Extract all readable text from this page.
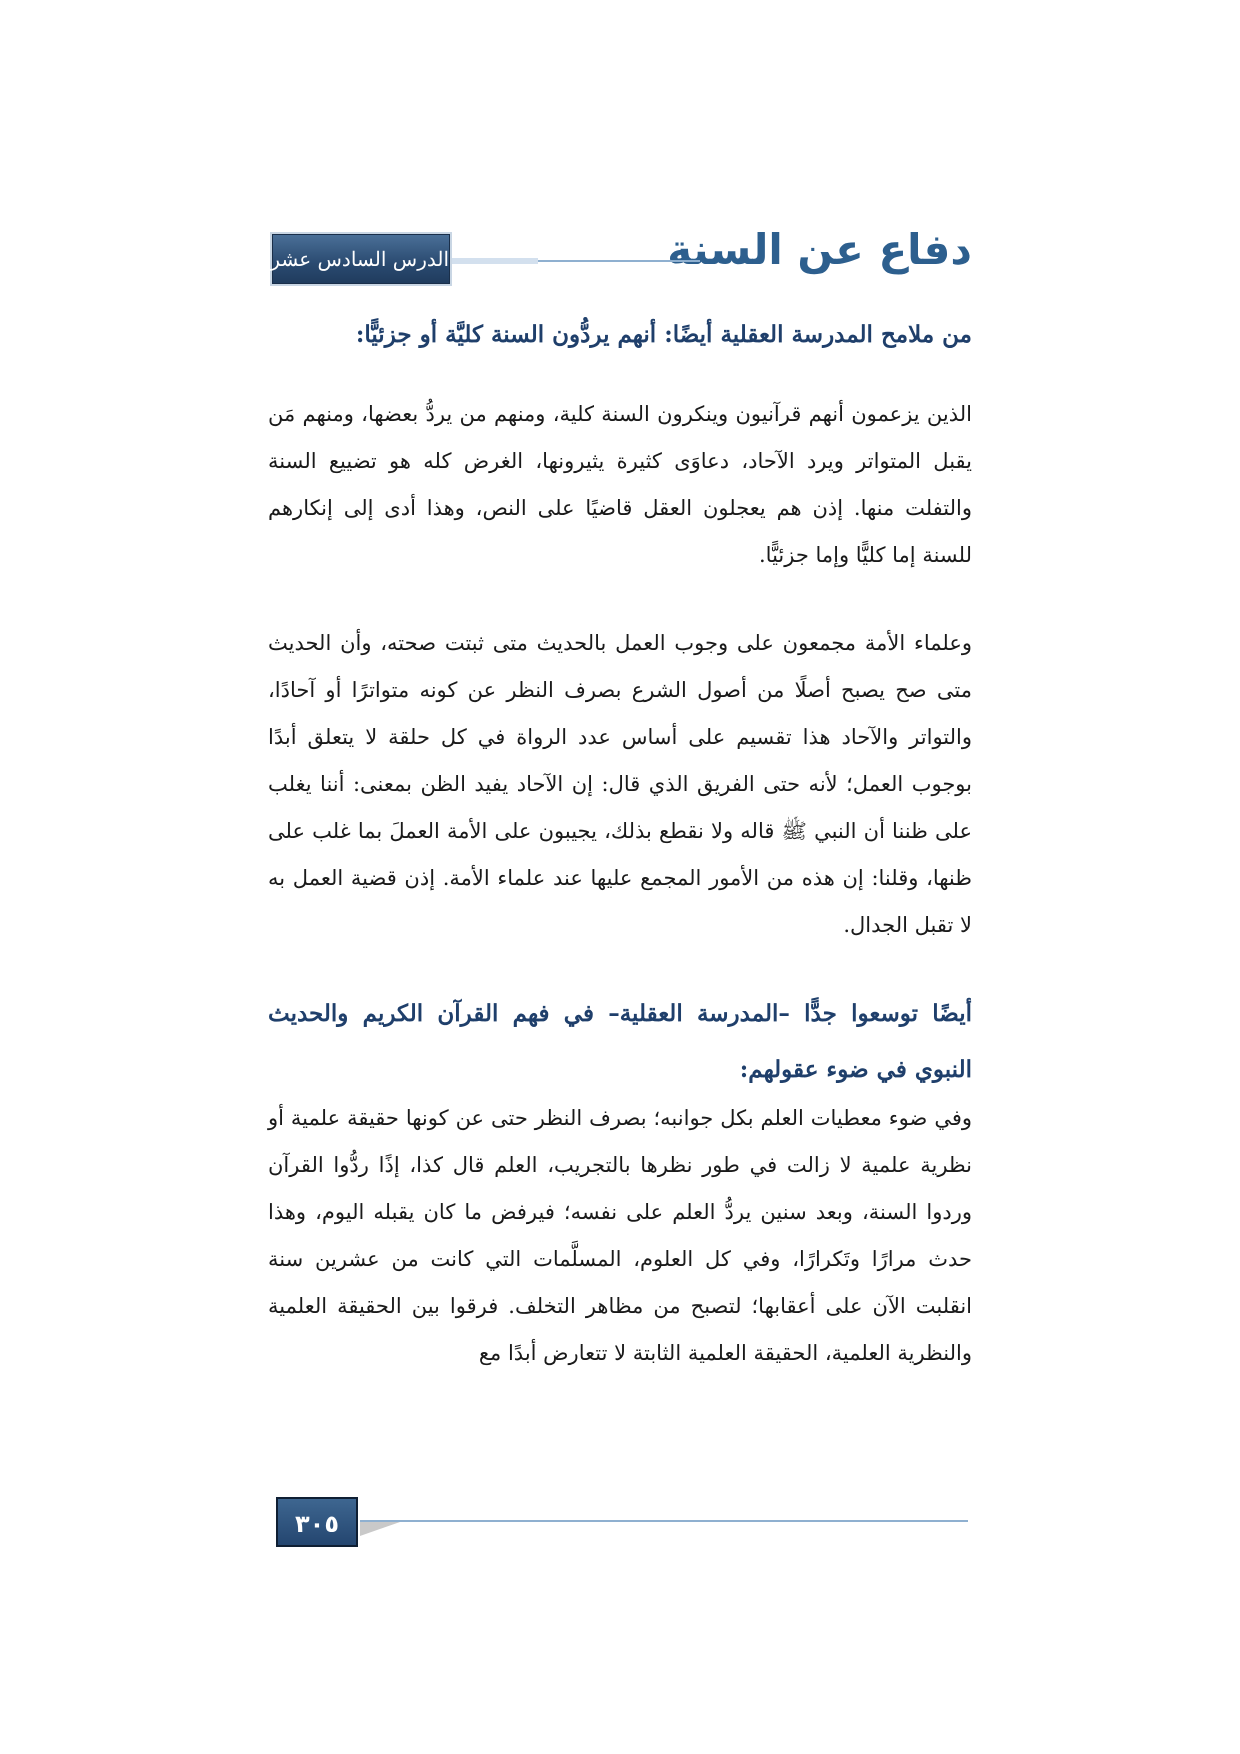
دفاع عن السنة
الدرس السادس عشر
من ملامح المدرسة العقلية أيضًا: أنهم يردُّون السنة كليَّة أو جزئيًّا:

الذين يزعمون أنهم قرآنيون وينكرون السنة كلية، ومنهم من يردُّ بعضها، ومنهم مَن يقبل المتواتر ويرد الآحاد، دعاوَى كثيرة يثيرونها، الغرض كله هو تضييع السنة والتفلت منها. إذن هم يعجلون العقل قاضيًا على النص، وهذا أدى إلى إنكارهم للسنة إما كليًّا وإما جزئيًّا.

وعلماء الأمة مجمعون على وجوب العمل بالحديث متى ثبتت صحته، وأن الحديث متى صح يصبح أصلًا من أصول الشرع بصرف النظر عن كونه متواترًا أو آحادًا، والتواتر والآحاد هذا تقسيم على أساس عدد الرواة في كل حلقة لا يتعلق أبدًا بوجوب العمل؛ لأنه حتى الفريق الذي قال: إن الآحاد يفيد الظن بمعنى: أننا يغلب على ظننا أن النبي ﷺ قاله ولا نقطع بذلك، يجيبون على الأمة العملَ بما غلب على ظنها، وقلنا: إن هذه من الأمور المجمع عليها عند علماء الأمة. إذن قضية العمل به لا تقبل الجدال.

أيضًا توسعوا جدًّا –المدرسة العقلية– في فهم القرآن الكريم والحديث النبوي في ضوء عقولهم:

وفي ضوء معطيات العلم بكل جوانبه؛ بصرف النظر حتى عن كونها حقيقة علمية أو نظرية علمية لا زالت في طور نظرها بالتجريب، العلم قال كذا، إذًا ردُّوا القرآن وردوا السنة، وبعد سنين يردُّ العلم على نفسه؛ فيرفض ما كان يقبله اليوم، وهذا حدث مرارًا وتَكرارًا، وفي كل العلوم، المسلَّمات التي كانت من عشرين سنة انقلبت الآن على أعقابها؛ لتصبح من مظاهر التخلف. فرقوا بين الحقيقة العلمية والنظرية العلمية، الحقيقة العلمية الثابتة لا تتعارض أبدًا مع

٣٠٥
